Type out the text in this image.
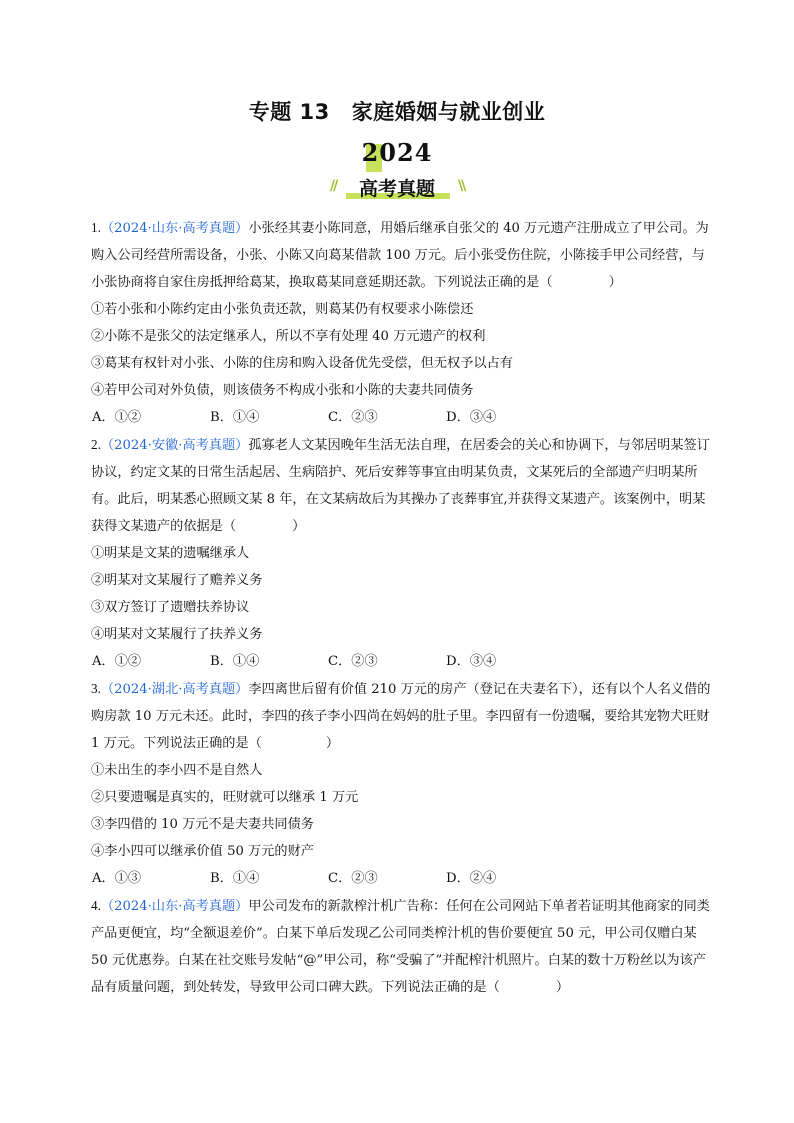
专题 13 家庭婚姻与就业创业
2024
//	高考真题	\\

1.（2024·山东·高考真题）小张经其妻小陈同意，用婚后继承自张父的 40 万元遗产注册成立了甲公司。为购入公司经营所需设备，小张、小陈又向葛某借款 100 万元。后小张受伤住院，小陈接手甲公司经营，与小张协商将自家住房抵押给葛某，换取葛某同意延期还款。下列说法正确的是（	）

①若小张和小陈约定由小张负责还款，则葛某仍有权要求小陈偿还

②小陈不是张父的法定继承人，所以不享有处理 40 万元遗产的权利

③葛某有权针对小张、小陈的住房和购入设备优先受偿，但无权予以占有

④若甲公司对外负债，则该债务不构成小张和小陈的夫妻共同债务

A．①②	B．①④	C．②③	D．③④

2.（2024·安徽·高考真题）孤寡老人文某因晚年生活无法自理，在居委会的关心和协调下，与邻居明某签订协议，约定文某的日常生活起居、生病陪护、死后安葬等事宜由明某负责，文某死后的全部遗产归明某所有。此后，明某悉心照顾文某 8 年，在文某病故后为其操办了丧葬事宜,并获得文某遗产。该案例中，明某获得文某遗产的依据是（	）

①明某是文某的遗嘱继承人

②明某对文某履行了赡养义务

③双方签订了遗赠扶养协议

④明某对文某履行了扶养义务

A．①②	B．①④	C．②③	D．③④

3.（2024·湖北·高考真题）李四离世后留有价值 210 万元的房产（登记在夫妻名下），还有以个人名义借的购房款 10 万元未还。此时，李四的孩子李小四尚在妈妈的肚子里。李四留有一份遗嘱，要给其宠物犬旺财 1 万元。下列说法正确的是（	）

①未出生的李小四不是自然人

②只要遗嘱是真实的，旺财就可以继承 1 万元

③李四借的 10 万元不是夫妻共同债务

④李小四可以继承价值 50 万元的财产

A．①③	B．①④	C．②③	D．②④

4.（2024·山东·高考真题）甲公司发布的新款榨汁机广告称：任何在公司网站下单者若证明其他商家的同类产品更便宜，均“全额退差价”。白某下单后发现乙公司同类榨汁机的售价要便宜 50 元，甲公司仅赠白某 50 元优惠券。白某在社交账号发帖“@”甲公司，称“受骗了”并配榨汁机照片。白某的数十万粉丝以为该产品有质量问题，到处转发，导致甲公司口碑大跌。下列说法正确的是（	）
